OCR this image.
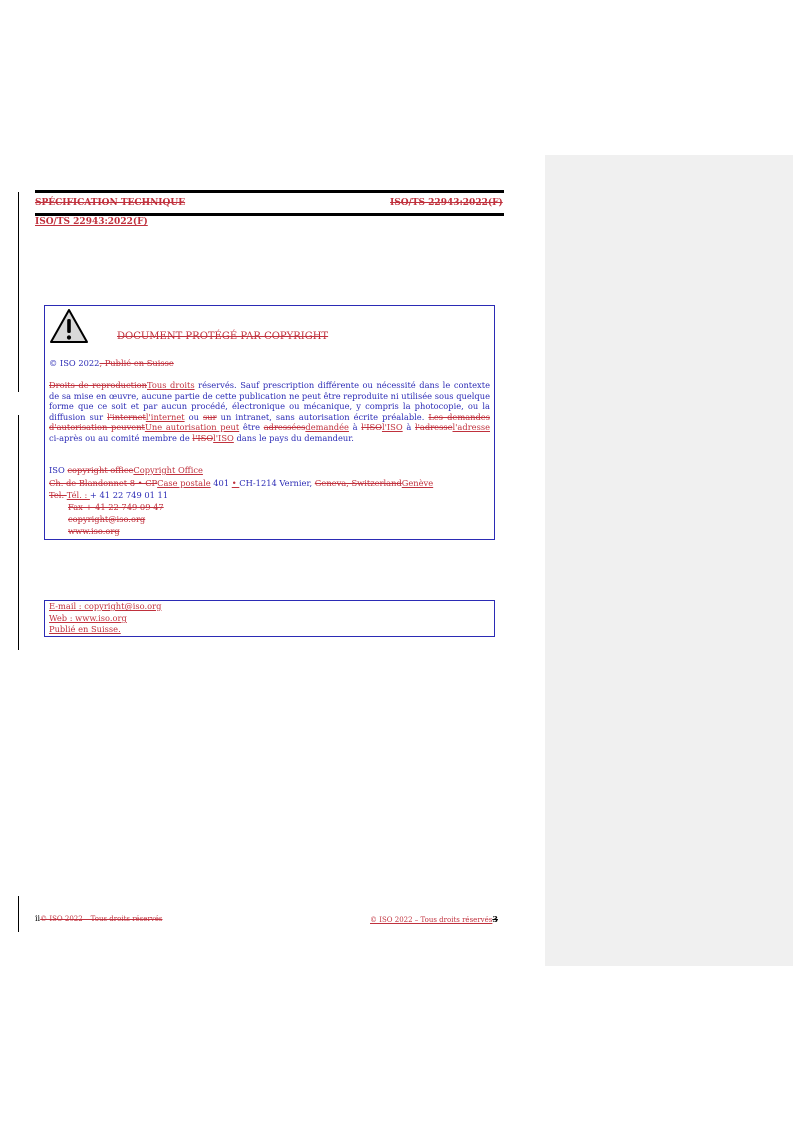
SPÉCIFICATION TECHNIQUE	ISO/TS 22943:2022(F)
ISO/TS 22943:2022(F)
DOCUMENT PROTÉGÉ PAR COPYRIGHT
© ISO 2022, Publié en Suisse
Droits de reproductionTous droits réservés. Sauf prescription différente ou nécessité dans le contexte de sa mise en œuvre, aucune partie de cette publication ne peut être reproduite ni utilisée sous quelque forme que ce soit et par aucun procédé, électronique ou mécanique, y compris la photocopie, ou la diffusion sur l'internetl'internet ou sur un intranet, sans autorisation écrite préalable. Les demandes d'autorisation peuventUne autorisation peut être adresséesdemandée à l'ISOl'ISO à l'adressel'adresse ci-après ou au comité membre de l'ISOl'ISO dans le pays du demandeur.
ISO copyright officeCopyright Office
Ch. de Blandonnet 8 • CPCase postale 401 • CH-1214 Vernier, Geneva, SwitzerlandGenève
Tel. Tél. : + 41 22 749 01 11
Fax + 41 22 749 09 47
copyright@iso.org
www.iso.org
E-mail : copyright@iso.org
Web : www.iso.org
Publié en Suisse.
ii© ISO 2022 – Tous droits réservés	© ISO 2022 – Tous droits réservés3
